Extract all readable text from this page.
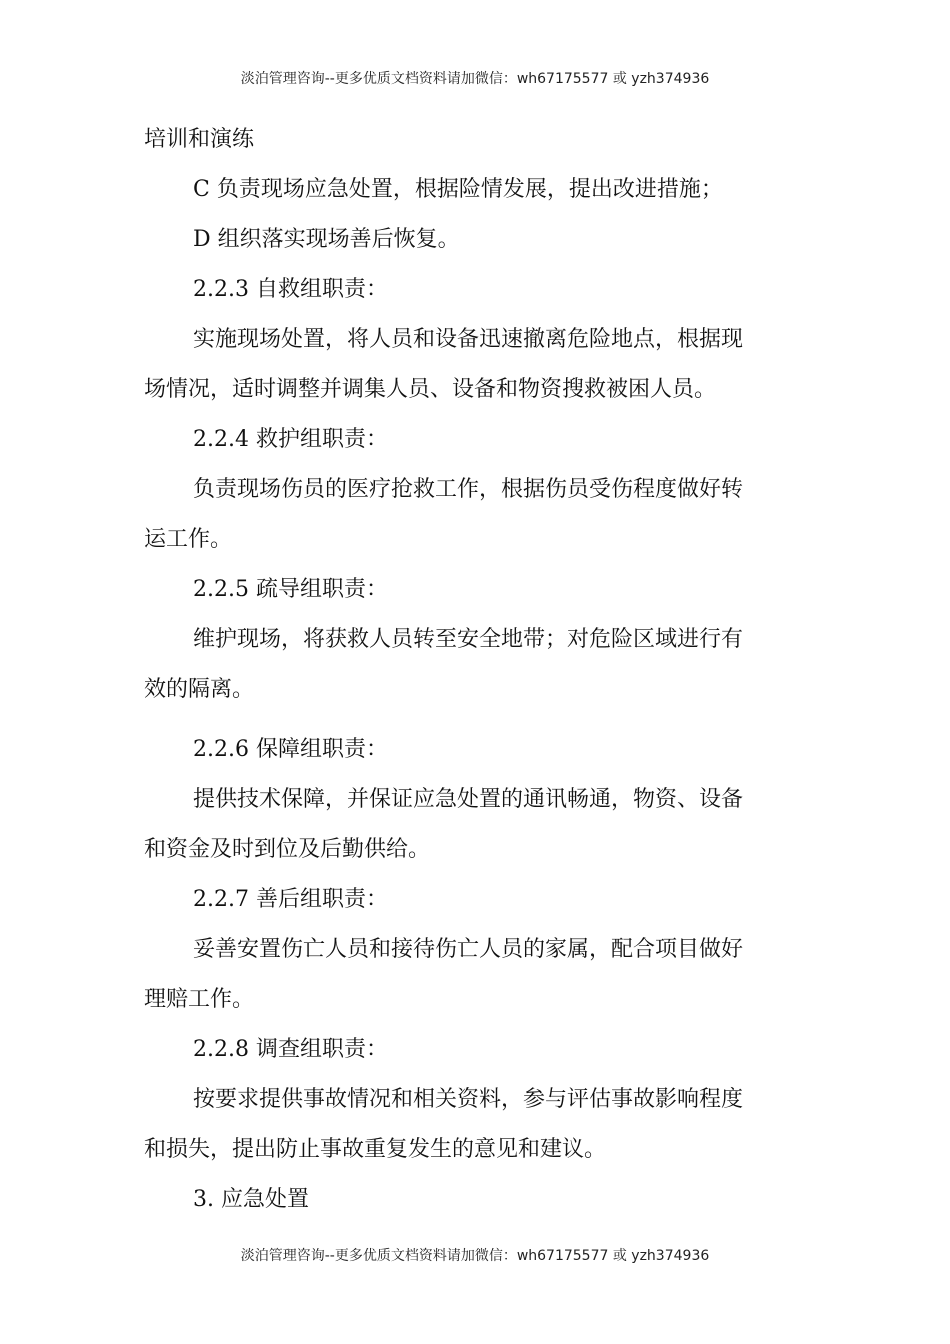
淡泊管理咨询--更多优质文档资料请加微信：wh67175577 或 yzh374936
培训和演练
C 负责现场应急处置，根据险情发展，提出改进措施；
D 组织落实现场善后恢复。
2.2.3 自救组职责：
实施现场处置，将人员和设备迅速撤离危险地点，根据现
场情况，适时调整并调集人员、设备和物资搜救被困人员。
2.2.4 救护组职责：
负责现场伤员的医疗抢救工作，根据伤员受伤程度做好转
运工作。
2.2.5 疏导组职责：
维护现场，将获救人员转至安全地带；对危险区域进行有
效的隔离。
2.2.6 保障组职责：
提供技术保障，并保证应急处置的通讯畅通，物资、设备
和资金及时到位及后勤供给。
2.2.7 善后组职责：
妥善安置伤亡人员和接待伤亡人员的家属，配合项目做好
理赔工作。
2.2.8 调查组职责：
按要求提供事故情况和相关资料，参与评估事故影响程度
和损失，提出防止事故重复发生的意见和建议。
3. 应急处置
淡泊管理咨询--更多优质文档资料请加微信：wh67175577 或 yzh374936
